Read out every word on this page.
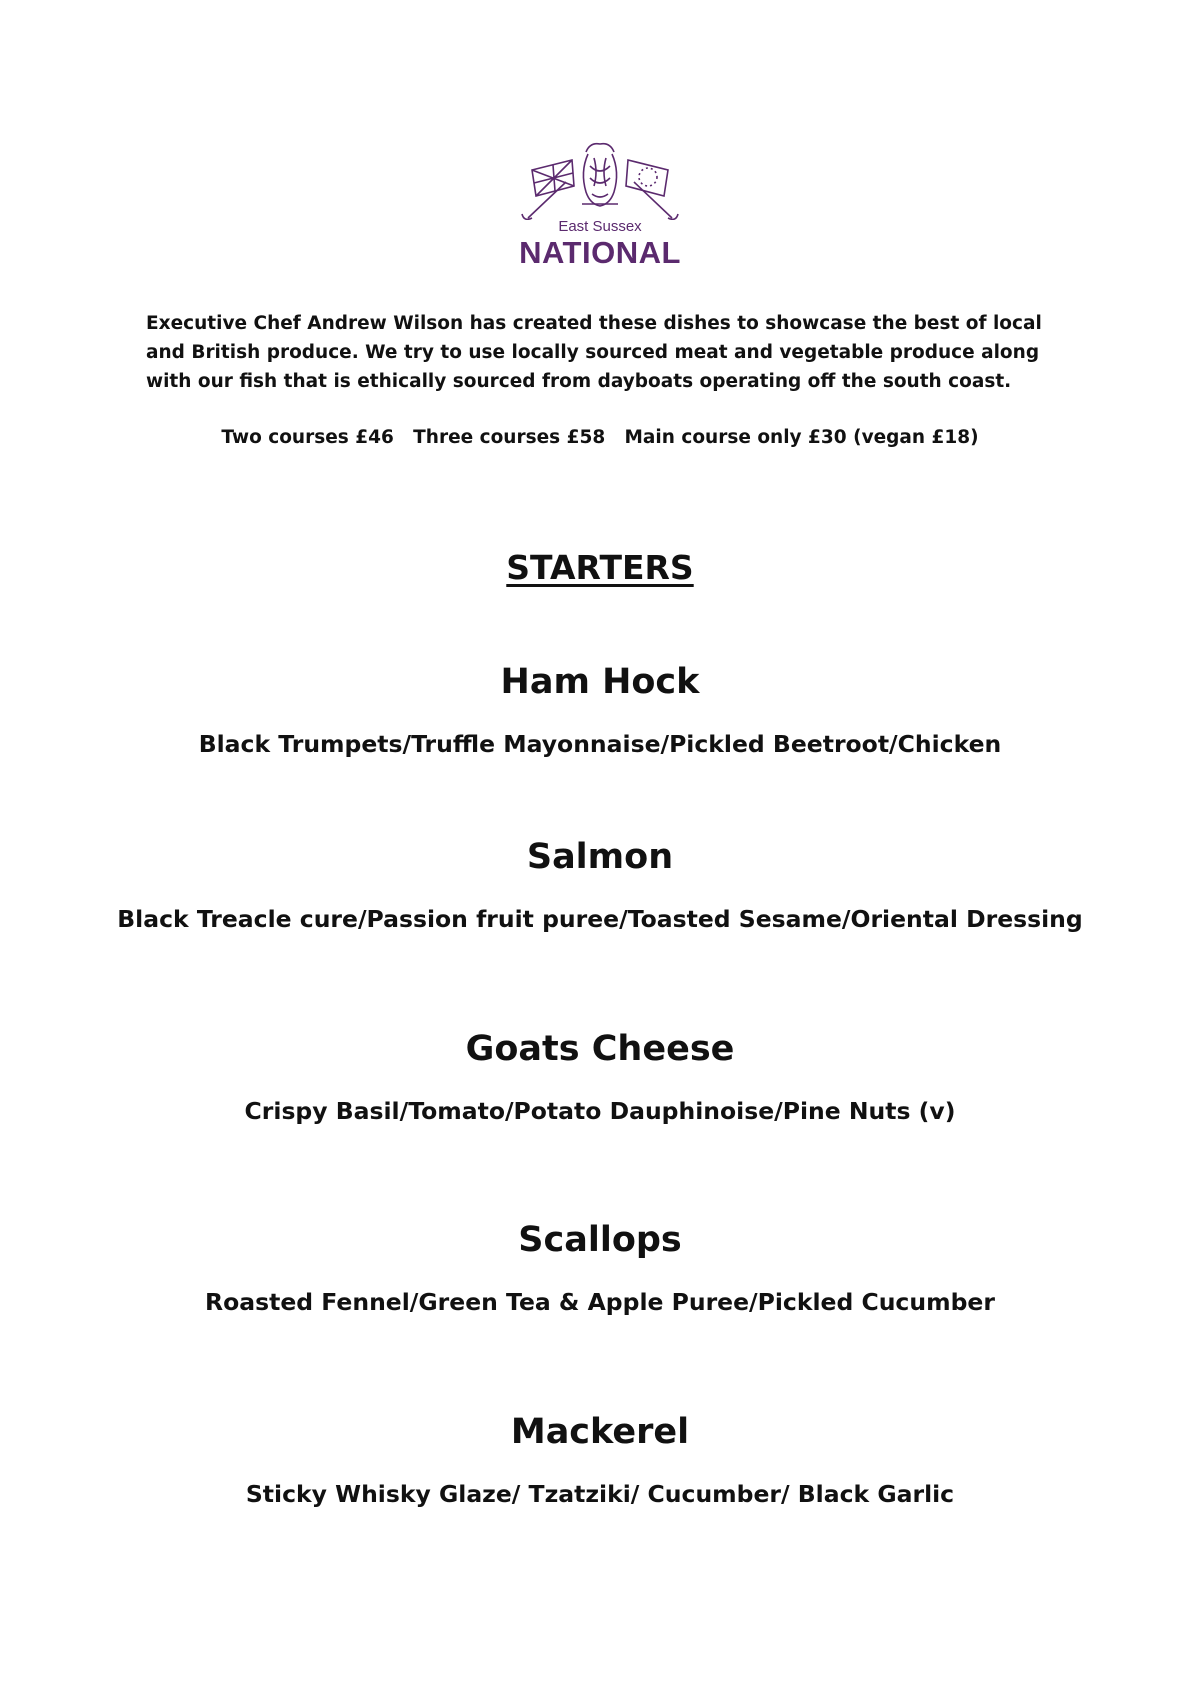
East Sussex
NATIONAL

Executive Chef Andrew Wilson has created these dishes to showcase the best of local and British produce. We try to use locally sourced meat and vegetable produce along with our fish that is ethically sourced from dayboats operating off the south coast.

Two courses £46   Three courses £58   Main course only £30 (vegan £18)
STARTERS
Ham Hock

Black Trumpets/Truffle Mayonnaise/Pickled Beetroot/Chicken

Salmon

Black Treacle cure/Passion fruit puree/Toasted Sesame/Oriental Dressing

Goats Cheese

Crispy Basil/Tomato/Potato Dauphinoise/Pine Nuts (v)

Scallops

Roasted Fennel/Green Tea & Apple Puree/Pickled Cucumber

Mackerel

Sticky Whisky Glaze/ Tzatziki/ Cucumber/ Black Garlic
